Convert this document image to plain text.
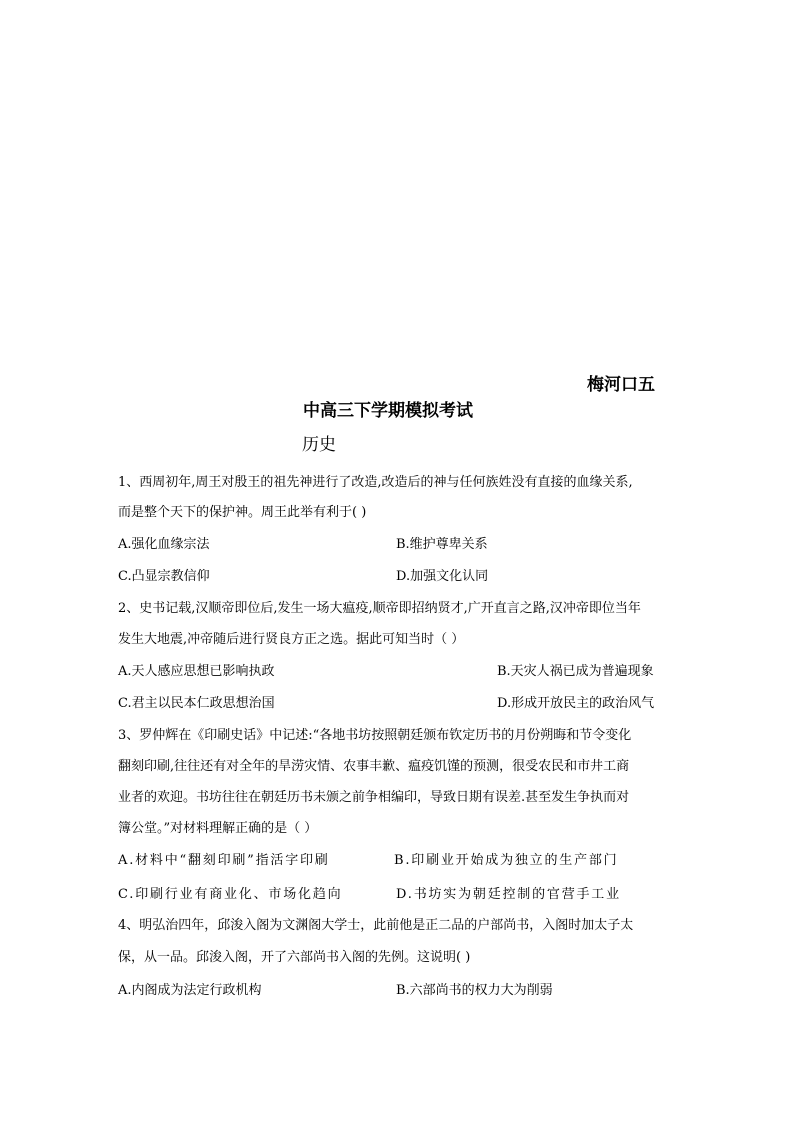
梅河口五
中高三下学期模拟考试
历史
1、西周初年,周王对殷王的祖先神进行了改造,改造后的神与任何族姓没有直接的血缘关系,
而是整个天下的保护神。周王此举有利于( )
A.强化血缘宗法	B.维护尊卑关系
C.凸显宗教信仰	D.加强文化认同
2、史书记载,汉顺帝即位后,发生一场大瘟疫,顺帝即招纳贤才,广开直言之路,汉冲帝即位当年
发生大地震,冲帝随后进行贤良方正之选。据此可知当时（ ）
A.天人感应思想已影响执政	B.天灾人祸已成为普遍现象
C.君主以民本仁政思想治国	D.形成开放民主的政治风气
3、罗仲辉在《印刷史话》中记述:“各地书坊按照朝廷颁布钦定历书的月份朔晦和节令变化
翻刻印刷,往往还有对全年的旱涝灾情、农事丰歉、瘟疫饥馑的预测，很受农民和市井工商
业者的欢迎。书坊往往在朝廷历书未颁之前争相编印，导致日期有误差.甚至发生争执而对
簿公堂。”对材料理解正确的是（ ）
A.材料中“翻刻印刷”指活字印刷	B.印刷业开始成为独立的生产部门
C.印刷行业有商业化、市场化趋向	D.书坊实为朝廷控制的官营手工业
4、明弘治四年，邱浚入阁为文渊阁大学士，此前他是正二品的户部尚书，入阁时加太子太
保，从一品。邱浚入阁，开了六部尚书入阁的先例。这说明( )
A.内阁成为法定行政机构	B.六部尚书的权力大为削弱
